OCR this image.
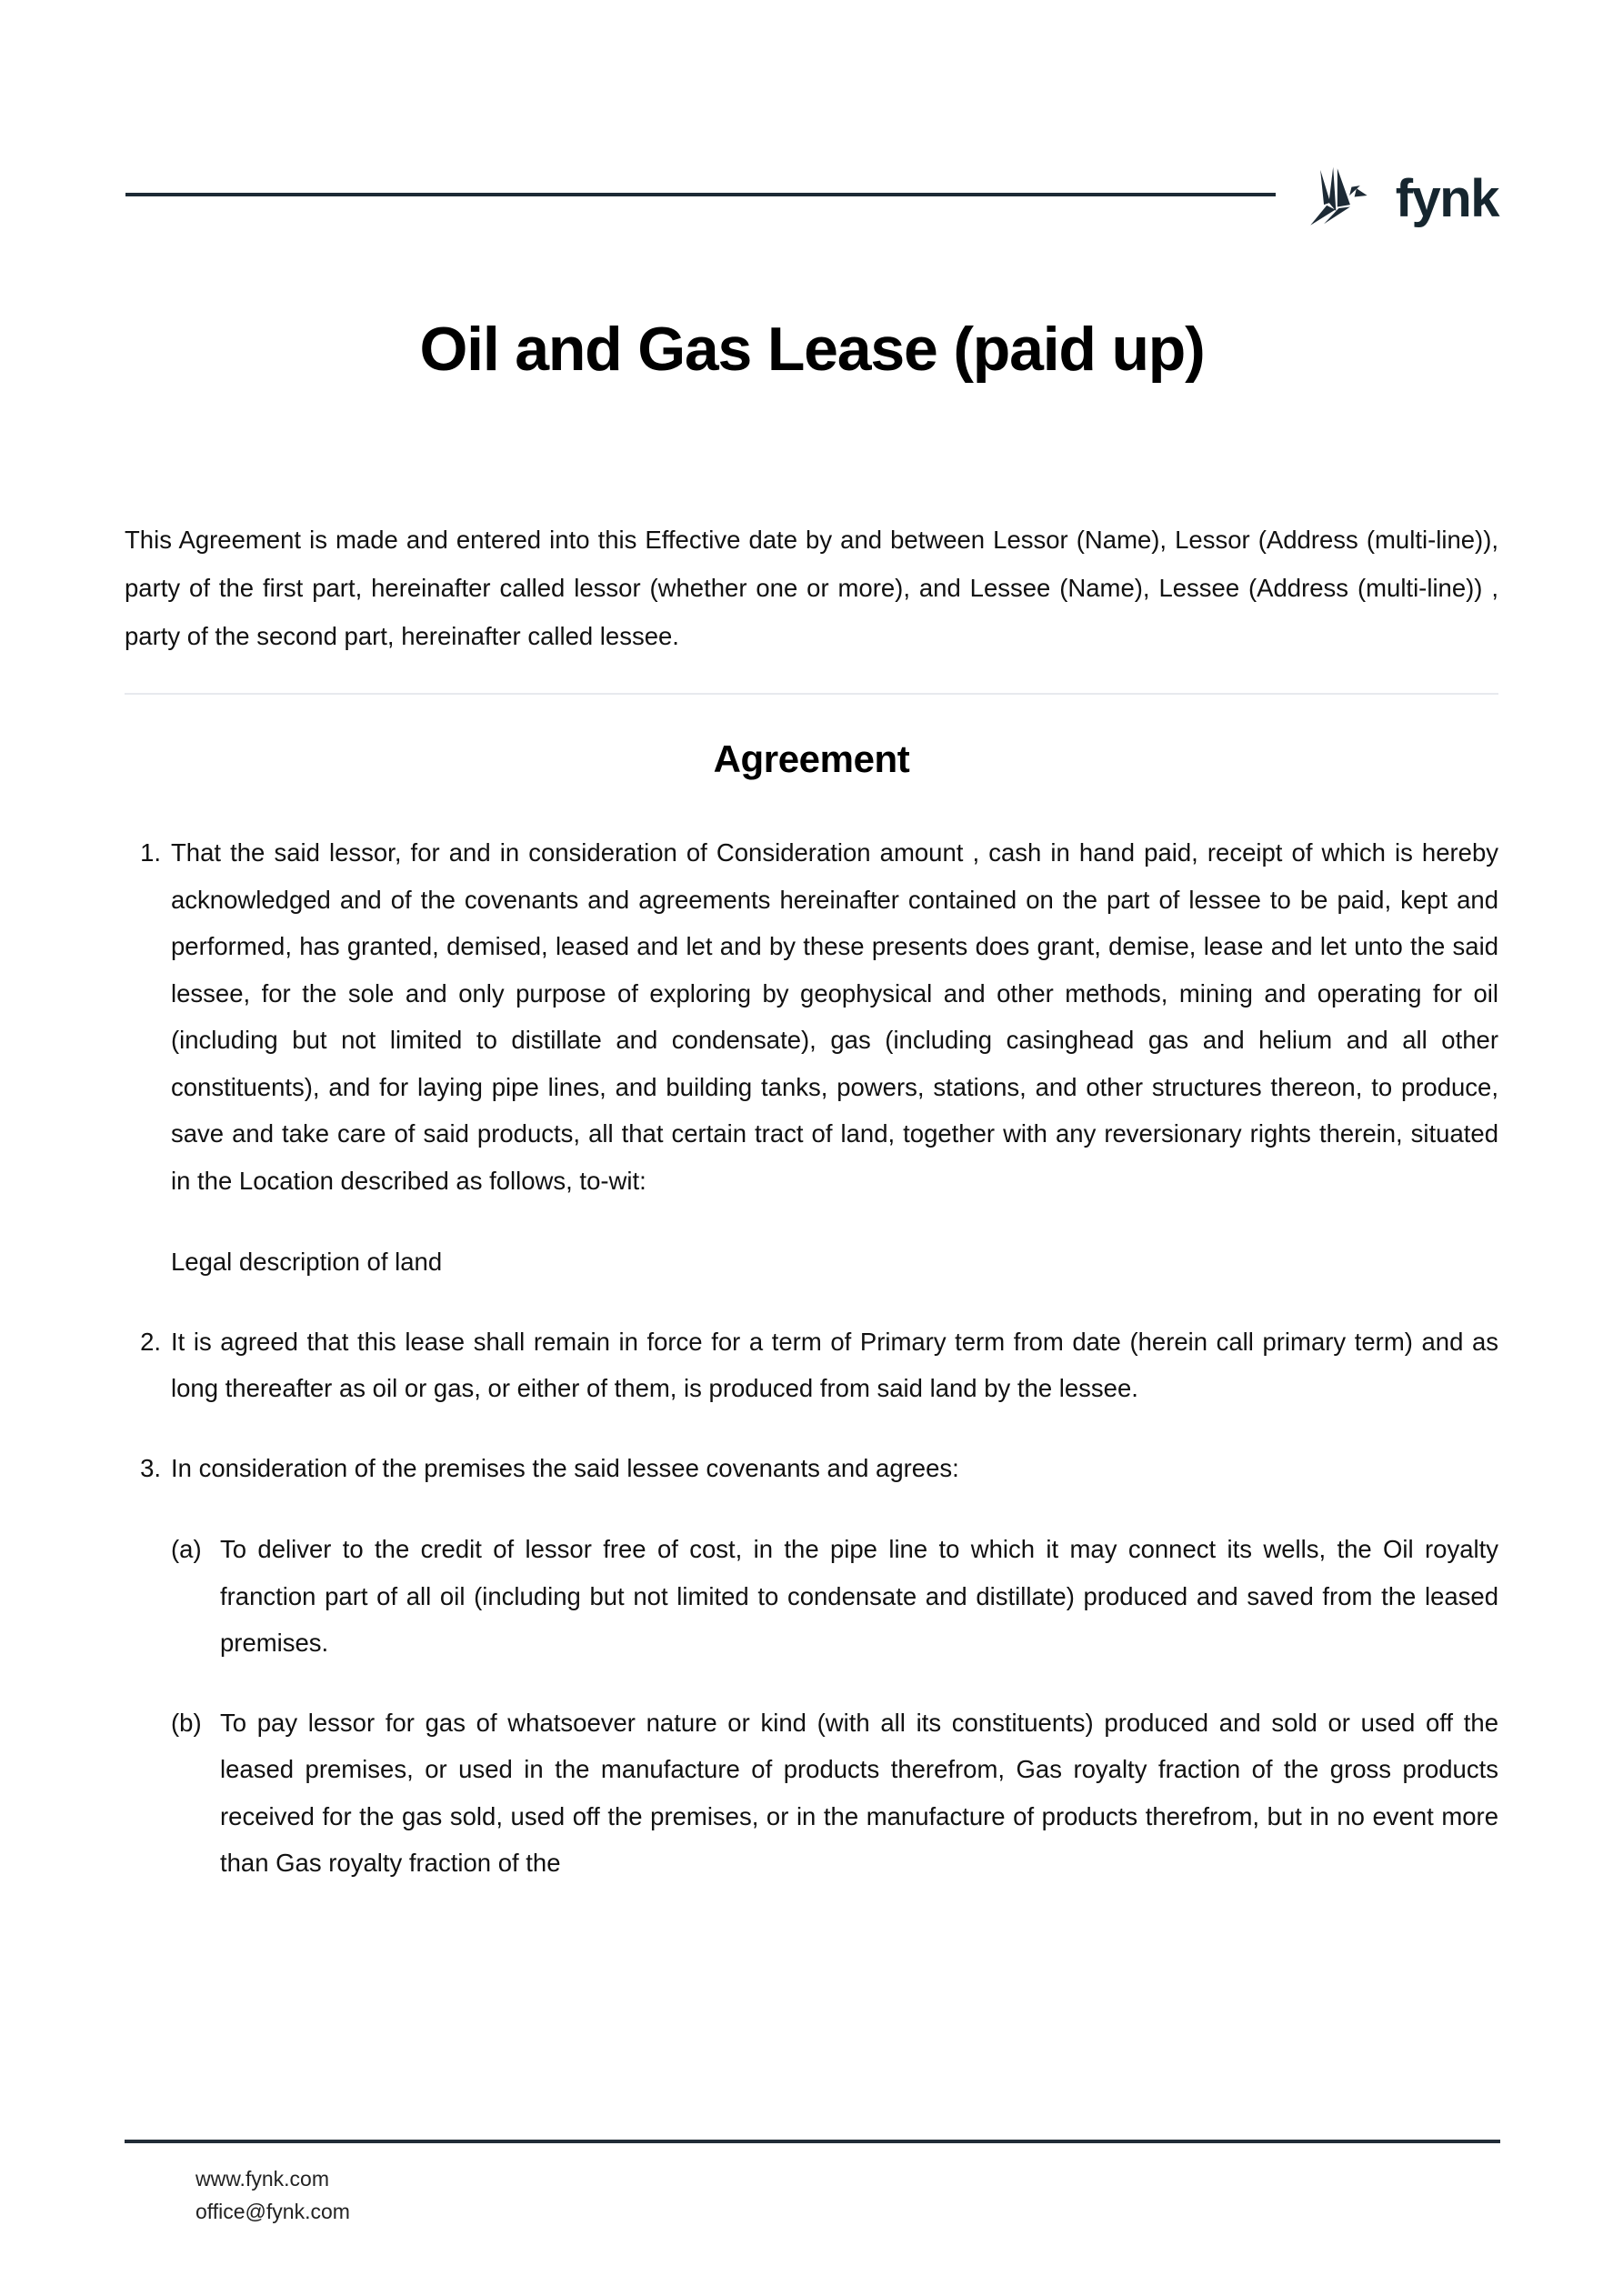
fynk
Oil and Gas Lease (paid up)
This Agreement is made and entered into this Effective date by and between Lessor (Name), Lessor (Address (multi-line)), party of the first part, hereinafter called lessor (whether one or more), and Lessee (Name), Lessee (Address (multi-line)) , party of the second part, hereinafter called lessee.
Agreement
1. That the said lessor, for and in consideration of Consideration amount , cash in hand paid, receipt of which is hereby acknowledged and of the covenants and agreements hereinafter contained on the part of lessee to be paid, kept and performed, has granted, demised, leased and let and by these presents does grant, demise, lease and let unto the said lessee, for the sole and only purpose of exploring by geophysical and other methods, mining and operating for oil (including but not limited to distillate and condensate), gas (including casinghead gas and helium and all other constituents), and for laying pipe lines, and building tanks, powers, stations, and other structures thereon, to produce, save and take care of said products, all that certain tract of land, together with any reversionary rights therein, situated in the Location described as follows, to-wit:

Legal description of land

2. It is agreed that this lease shall remain in force for a term of Primary term from date (herein call primary term) and as long thereafter as oil or gas, or either of them, is produced from said land by the lessee.

3. In consideration of the premises the said lessee covenants and agrees:

(a) To deliver to the credit of lessor free of cost, in the pipe line to which it may connect its wells, the Oil royalty franction part of all oil (including but not limited to condensate and distillate) produced and saved from the leased premises.

(b) To pay lessor for gas of whatsoever nature or kind (with all its constituents) produced and sold or used off the leased premises, or used in the manufacture of products therefrom, Gas royalty fraction of the gross products received for the gas sold, used off the premises, or in the manufacture of products therefrom, but in no event more than Gas royalty fraction of the

www.fynk.com
office@fynk.com
